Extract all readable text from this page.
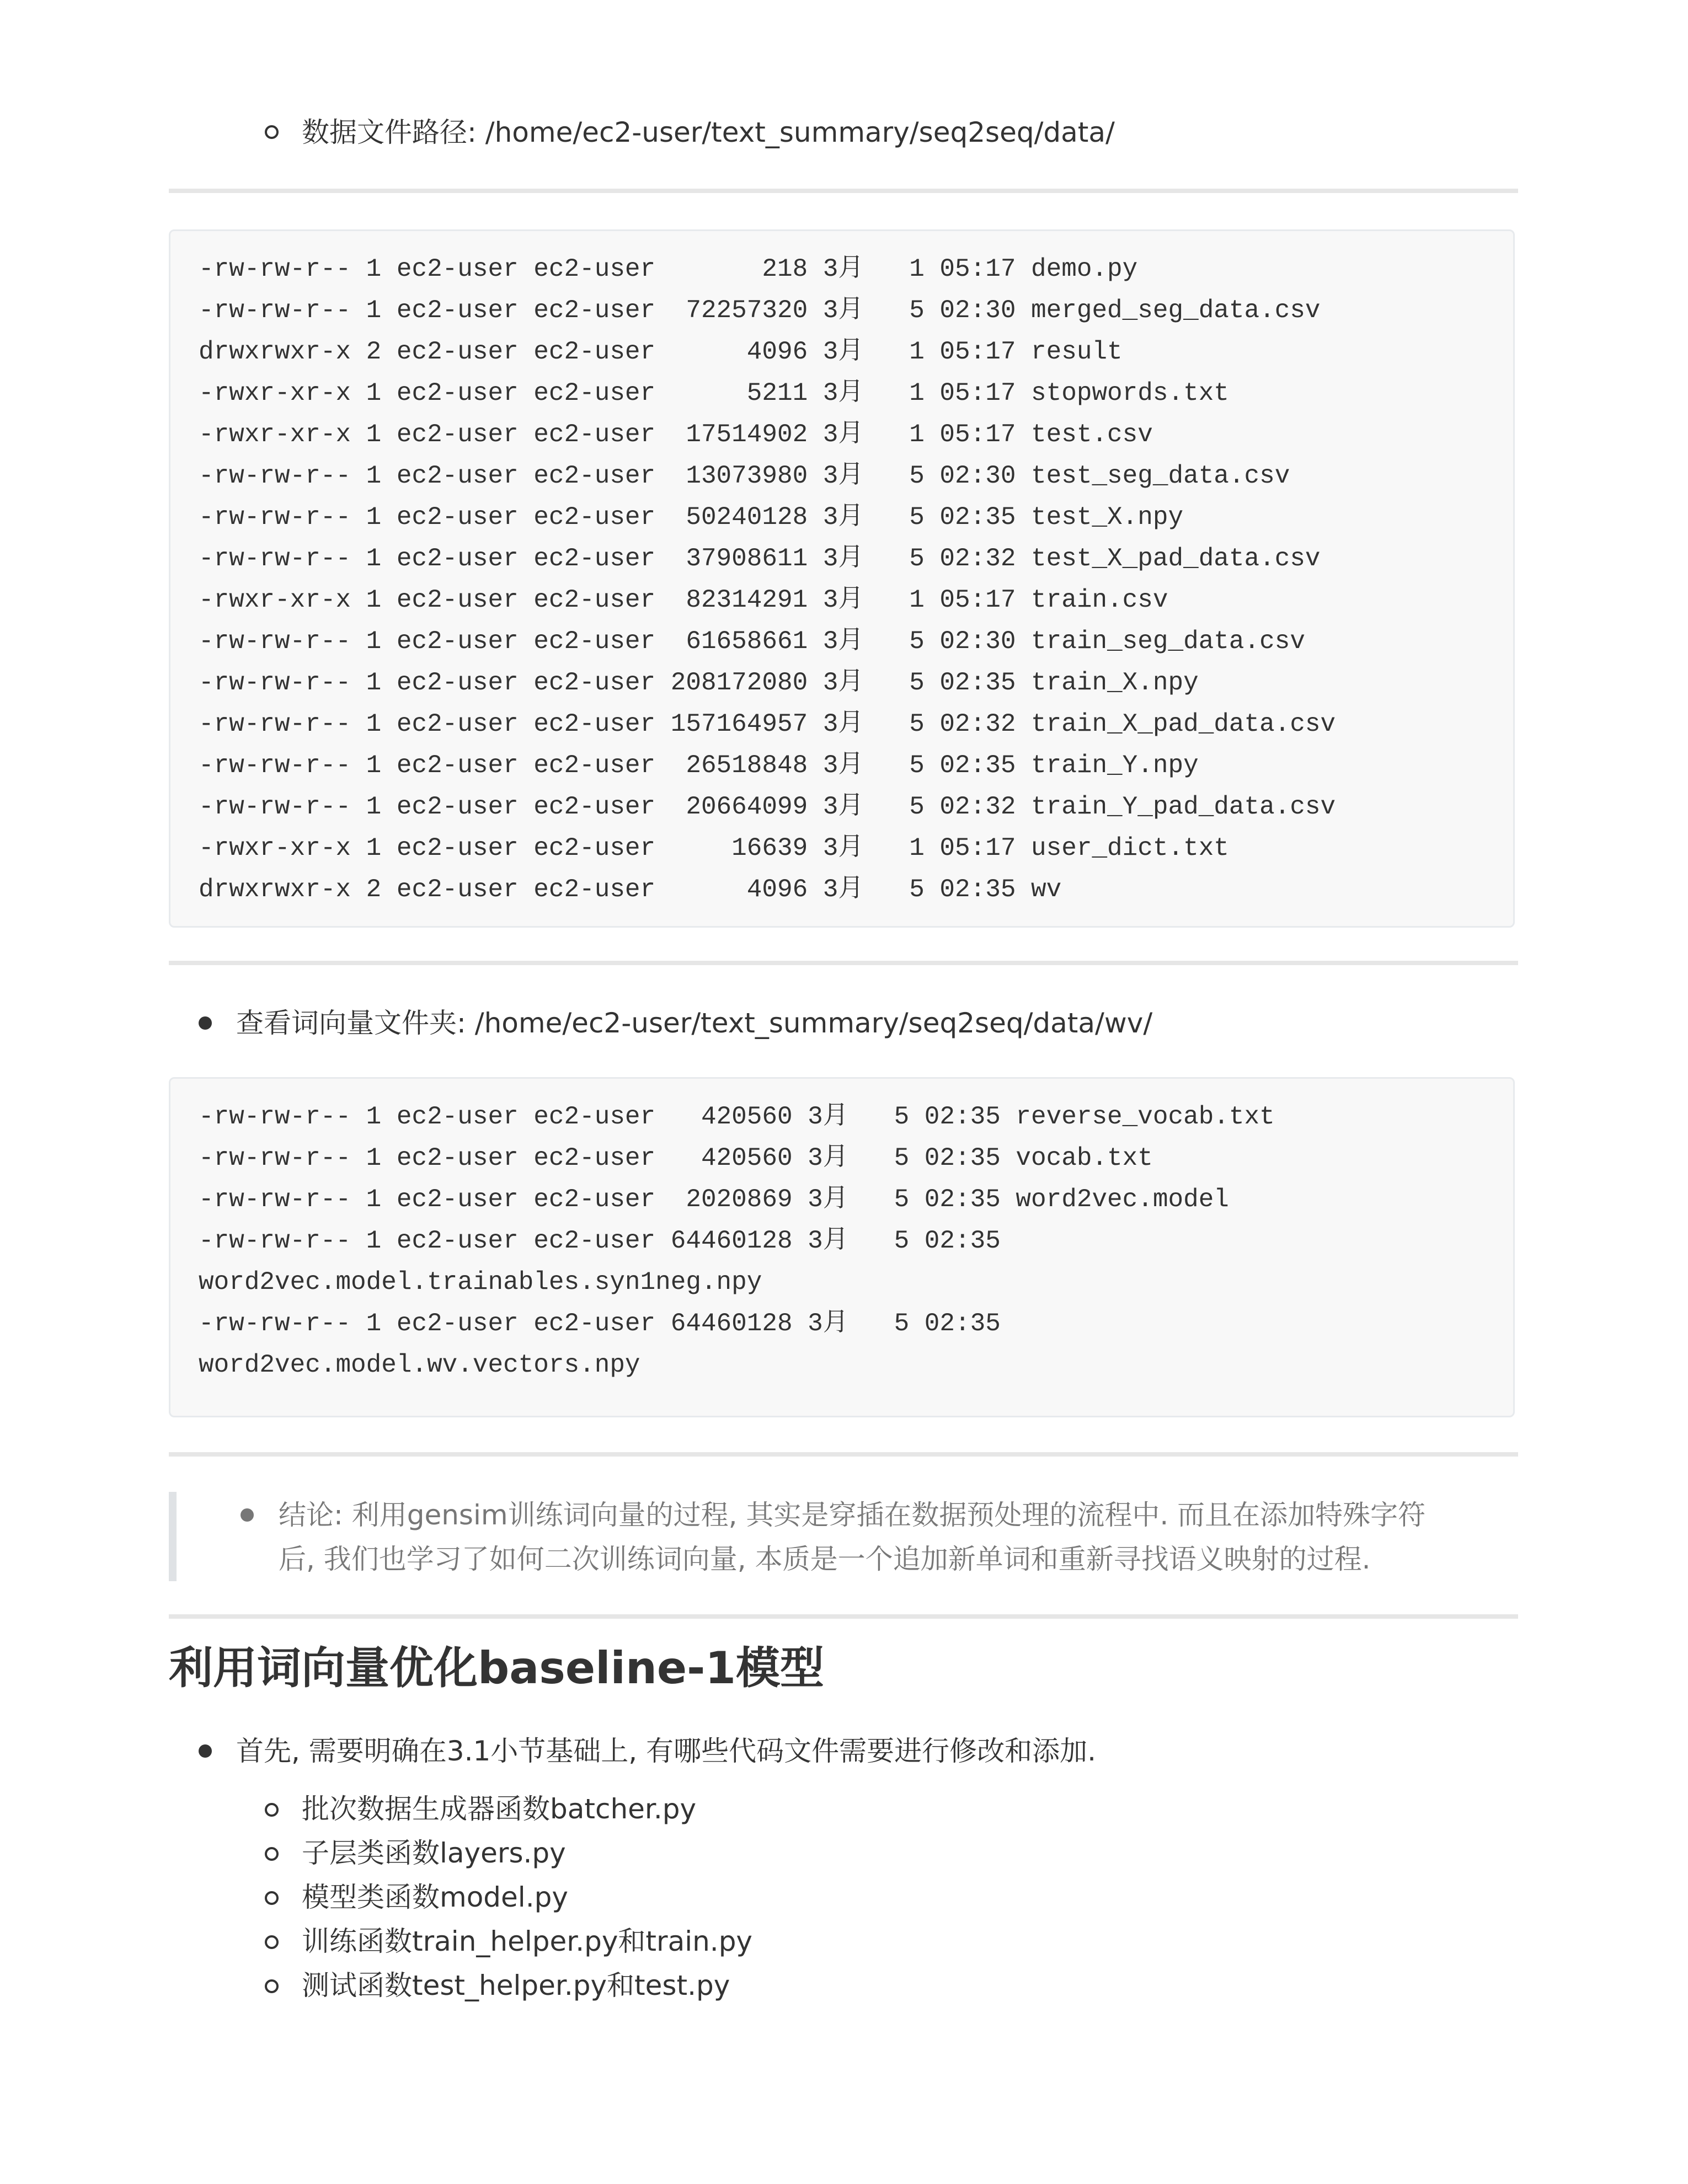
数据文件路径: /home/ec2-user/text_summary/seq2seq/data/
-rw-rw-r-- 1 ec2-user ec2-user       218 3月   1 05:17 demo.py
-rw-rw-r-- 1 ec2-user ec2-user  72257320 3月   5 02:30 merged_seg_data.csv
drwxrwxr-x 2 ec2-user ec2-user      4096 3月   1 05:17 result
-rwxr-xr-x 1 ec2-user ec2-user      5211 3月   1 05:17 stopwords.txt
-rwxr-xr-x 1 ec2-user ec2-user  17514902 3月   1 05:17 test.csv
-rw-rw-r-- 1 ec2-user ec2-user  13073980 3月   5 02:30 test_seg_data.csv
-rw-rw-r-- 1 ec2-user ec2-user  50240128 3月   5 02:35 test_X.npy
-rw-rw-r-- 1 ec2-user ec2-user  37908611 3月   5 02:32 test_X_pad_data.csv
-rwxr-xr-x 1 ec2-user ec2-user  82314291 3月   1 05:17 train.csv
-rw-rw-r-- 1 ec2-user ec2-user  61658661 3月   5 02:30 train_seg_data.csv
-rw-rw-r-- 1 ec2-user ec2-user 208172080 3月   5 02:35 train_X.npy
-rw-rw-r-- 1 ec2-user ec2-user 157164957 3月   5 02:32 train_X_pad_data.csv
-rw-rw-r-- 1 ec2-user ec2-user  26518848 3月   5 02:35 train_Y.npy
-rw-rw-r-- 1 ec2-user ec2-user  20664099 3月   5 02:32 train_Y_pad_data.csv
-rwxr-xr-x 1 ec2-user ec2-user     16639 3月   1 05:17 user_dict.txt
drwxrwxr-x 2 ec2-user ec2-user      4096 3月   5 02:35 wv
查看词向量文件夹: /home/ec2-user/text_summary/seq2seq/data/wv/
-rw-rw-r-- 1 ec2-user ec2-user   420560 3月   5 02:35 reverse_vocab.txt
-rw-rw-r-- 1 ec2-user ec2-user   420560 3月   5 02:35 vocab.txt
-rw-rw-r-- 1 ec2-user ec2-user  2020869 3月   5 02:35 word2vec.model
-rw-rw-r-- 1 ec2-user ec2-user 64460128 3月   5 02:35
word2vec.model.trainables.syn1neg.npy
-rw-rw-r-- 1 ec2-user ec2-user 64460128 3月   5 02:35
word2vec.model.wv.vectors.npy
结论: 利用gensim训练词向量的过程, 其实是穿插在数据预处理的流程中. 而且在添加特殊字符
后, 我们也学习了如何二次训练词向量, 本质是一个追加新单词和重新寻找语义映射的过程.
利用词向量优化baseline-1模型
首先, 需要明确在3.1小节基础上, 有哪些代码文件需要进行修改和添加.
批次数据生成器函数batcher.py
子层类函数layers.py
模型类函数model.py
训练函数train_helper.py和train.py
测试函数test_helper.py和test.py
